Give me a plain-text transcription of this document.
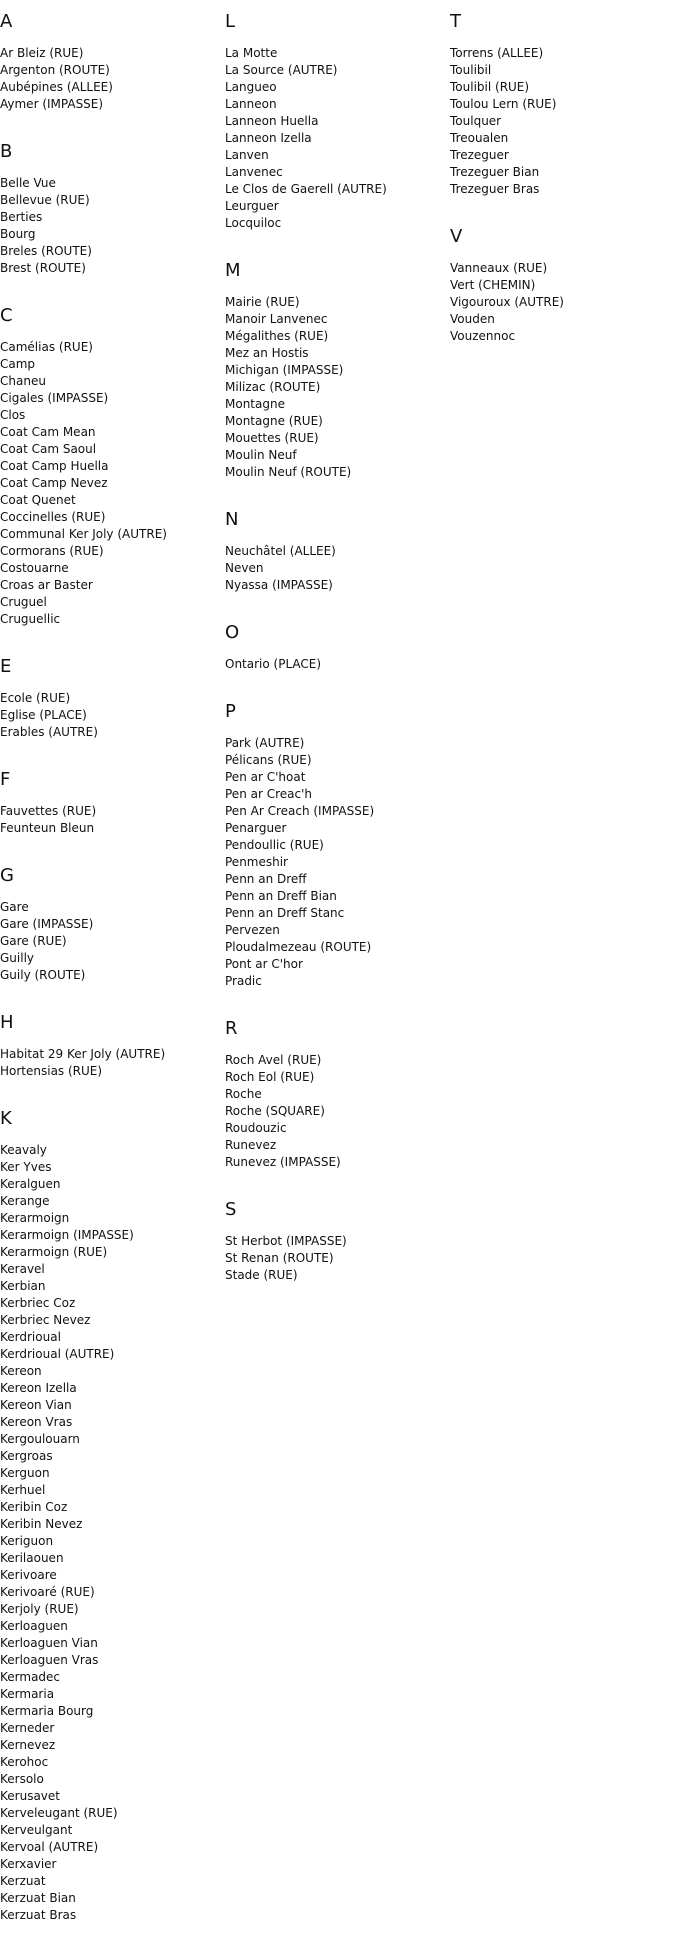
A
Ar Bleiz (RUE)
Argenton (ROUTE)
Aubépines (ALLEE)
Aymer (IMPASSE)
B
Belle Vue
Bellevue (RUE)
Berties
Bourg
Breles (ROUTE)
Brest (ROUTE)
C
Camélias (RUE)
Camp
Chaneu
Cigales (IMPASSE)
Clos
Coat Cam Mean
Coat Cam Saoul
Coat Camp Huella
Coat Camp Nevez
Coat Quenet
Coccinelles (RUE)
Communal Ker Joly (AUTRE)
Cormorans (RUE)
Costouarne
Croas ar Baster
Cruguel
Cruguellic
E
Ecole (RUE)
Eglise (PLACE)
Erables (AUTRE)
F
Fauvettes (RUE)
Feunteun Bleun
G
Gare
Gare (IMPASSE)
Gare (RUE)
Guilly
Guily (ROUTE)
H
Habitat 29 Ker Joly (AUTRE)
Hortensias (RUE)
K
Keavaly
Ker Yves
Keralguen
Kerange
Kerarmoign
Kerarmoign (IMPASSE)
Kerarmoign (RUE)
Keravel
Kerbian
Kerbriec Coz
Kerbriec Nevez
Kerdrioual
Kerdrioual (AUTRE)
Kereon
Kereon Izella
Kereon Vian
Kereon Vras
Kergoulouarn
Kergroas
Kerguon
Kerhuel
Keribin Coz
Keribin Nevez
Keriguon
Kerilaouen
Kerivoare
Kerivoaré (RUE)
Kerjoly (RUE)
Kerloaguen
Kerloaguen Vian
Kerloaguen Vras
Kermadec
Kermaria
Kermaria Bourg
Kerneder
Kernevez
Kerohoc
Kersolo
Kerusavet
Kerveleugant (RUE)
Kerveulgant
Kervoal (AUTRE)
Kerxavier
Kerzuat
Kerzuat Bian
Kerzuat Bras
L
La Motte
La Source (AUTRE)
Langueo
Lanneon
Lanneon Huella
Lanneon Izella
Lanven
Lanvenec
Le Clos de Gaerell (AUTRE)
Leurguer
Locquiloc
M
Mairie (RUE)
Manoir Lanvenec
Mégalithes (RUE)
Mez an Hostis
Michigan (IMPASSE)
Milizac (ROUTE)
Montagne
Montagne (RUE)
Mouettes (RUE)
Moulin Neuf
Moulin Neuf (ROUTE)
N
Neuchâtel (ALLEE)
Neven
Nyassa (IMPASSE)
O
Ontario (PLACE)
P
Park (AUTRE)
Pélicans (RUE)
Pen ar C'hoat
Pen ar Creac'h
Pen Ar Creach (IMPASSE)
Penarguer
Pendoullic (RUE)
Penmeshir
Penn an Dreff
Penn an Dreff Bian
Penn an Dreff Stanc
Pervezen
Ploudalmezeau (ROUTE)
Pont ar C'hor
Pradic
R
Roch Avel (RUE)
Roch Eol (RUE)
Roche
Roche (SQUARE)
Roudouzic
Runevez
Runevez (IMPASSE)
S
St Herbot (IMPASSE)
St Renan (ROUTE)
Stade (RUE)
T
Torrens (ALLEE)
Toulibil
Toulibil (RUE)
Toulou Lern (RUE)
Toulquer
Treoualen
Trezeguer
Trezeguer Bian
Trezeguer Bras
V
Vanneaux (RUE)
Vert (CHEMIN)
Vigouroux (AUTRE)
Vouden
Vouzennoc
